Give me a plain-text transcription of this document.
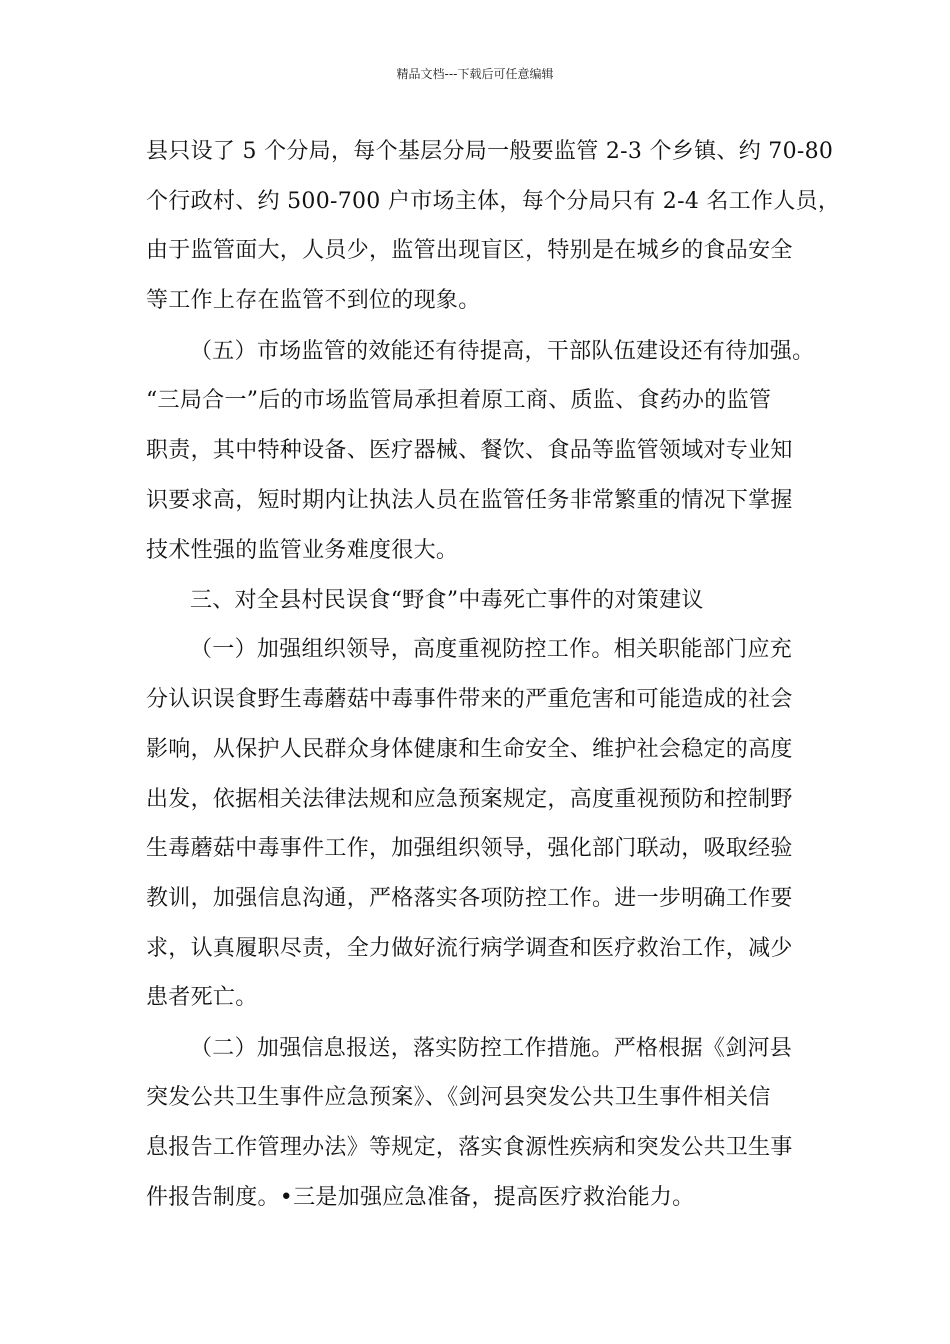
精品文档---下载后可任意编辑
县只设了 5 个分局，每个基层分局一般要监管 2-3 个乡镇、约 70-80
个行政村、约 500-700 户市场主体，每个分局只有 2-4 名工作人员，
由于监管面大，人员少，监管出现盲区，特别是在城乡的食品安全
等工作上存在监管不到位的现象。
（五）市场监管的效能还有待提高，干部队伍建设还有待加强。
“三局合一”后的市场监管局承担着原工商、质监、食药办的监管
职责，其中特种设备、医疗器械、餐饮、食品等监管领域对专业知
识要求高，短时期内让执法人员在监管任务非常繁重的情况下掌握
技术性强的监管业务难度很大。
三、对全县村民误食“野食”中毒死亡事件的对策建议
（一）加强组织领导，高度重视防控工作。相关职能部门应充
分认识误食野生毒蘑菇中毒事件带来的严重危害和可能造成的社会
影响，从保护人民群众身体健康和生命安全、维护社会稳定的高度
出发，依据相关法律法规和应急预案规定，高度重视预防和控制野
生毒蘑菇中毒事件工作，加强组织领导，强化部门联动，吸取经验
教训，加强信息沟通，严格落实各项防控工作。进一步明确工作要
求，认真履职尽责，全力做好流行病学调查和医疗救治工作，减少
患者死亡。
（二）加强信息报送，落实防控工作措施。严格根据《剑河县
突发公共卫生事件应急预案》、《剑河县突发公共卫生事件相关信
息报告工作管理办法》等规定，落实食源性疾病和突发公共卫生事
件报告制度。•三是加强应急准备，提高医疗救治能力。
